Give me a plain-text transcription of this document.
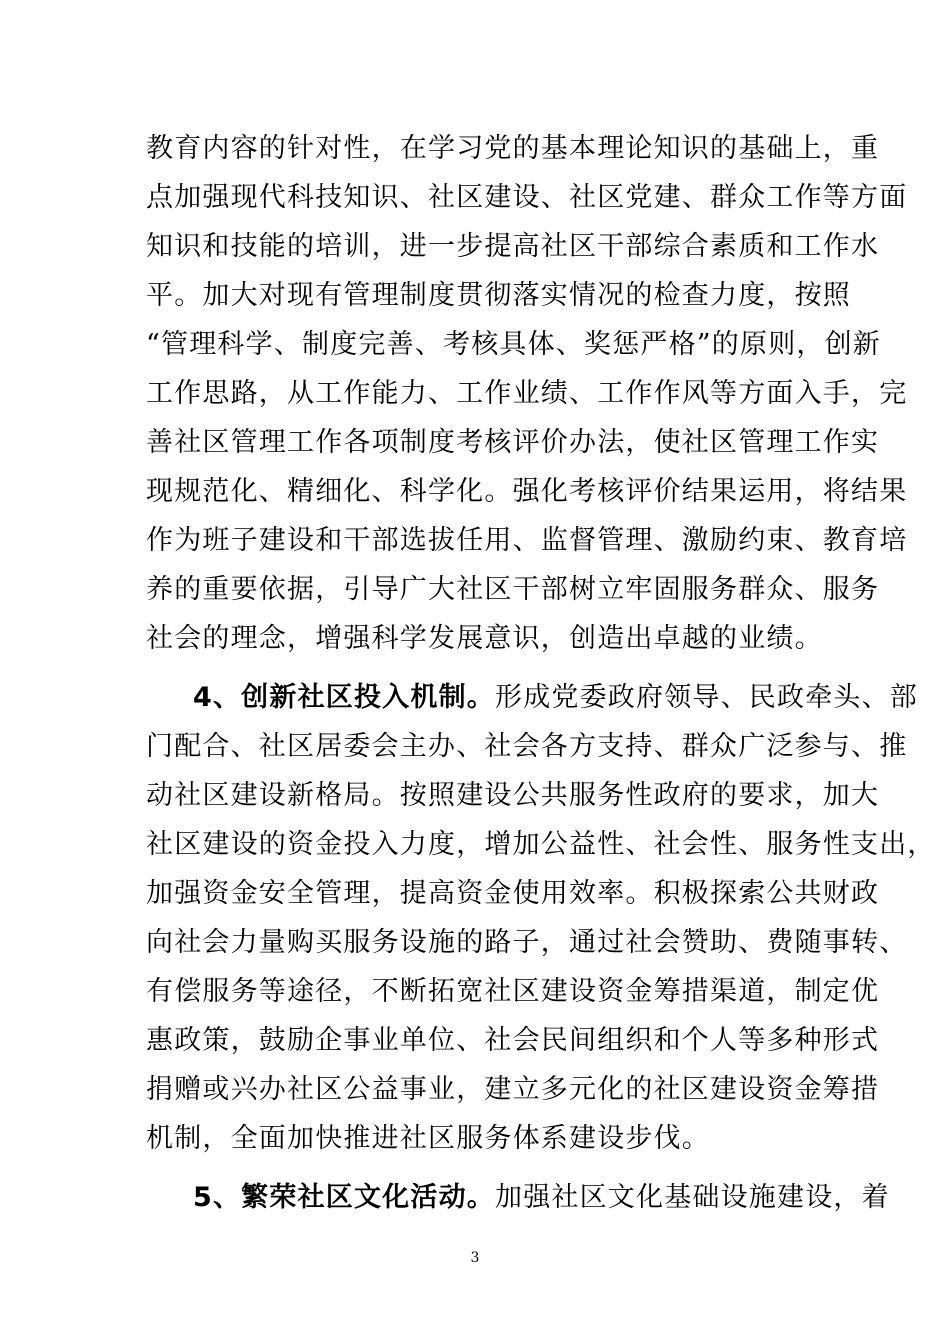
教育内容的针对性，在学习党的基本理论知识的基础上，重
点加强现代科技知识、社区建设、社区党建、群众工作等方面
知识和技能的培训，进一步提高社区干部综合素质和工作水
平。加大对现有管理制度贯彻落实情况的检查力度，按照
“管理科学、制度完善、考核具体、奖惩严格”的原则，创新
工作思路，从工作能力、工作业绩、工作作风等方面入手，完
善社区管理工作各项制度考核评价办法，使社区管理工作实
现规范化、精细化、科学化。强化考核评价结果运用，将结果
作为班子建设和干部选拔任用、监督管理、激励约束、教育培
养的重要依据，引导广大社区干部树立牢固服务群众、服务
社会的理念，增强科学发展意识，创造出卓越的业绩。
4、创新社区投入机制。形成党委政府领导、民政牵头、部
门配合、社区居委会主办、社会各方支持、群众广泛参与、推
动社区建设新格局。按照建设公共服务性政府的要求，加大
社区建设的资金投入力度，增加公益性、社会性、服务性支出，
加强资金安全管理，提高资金使用效率。积极探索公共财政
向社会力量购买服务设施的路子，通过社会赞助、费随事转、
有偿服务等途径，不断拓宽社区建设资金筹措渠道，制定优
惠政策，鼓励企事业单位、社会民间组织和个人等多种形式
捐赠或兴办社区公益事业，建立多元化的社区建设资金筹措
机制，全面加快推进社区服务体系建设步伐。
5、繁荣社区文化活动。加强社区文化基础设施建设，着
3
